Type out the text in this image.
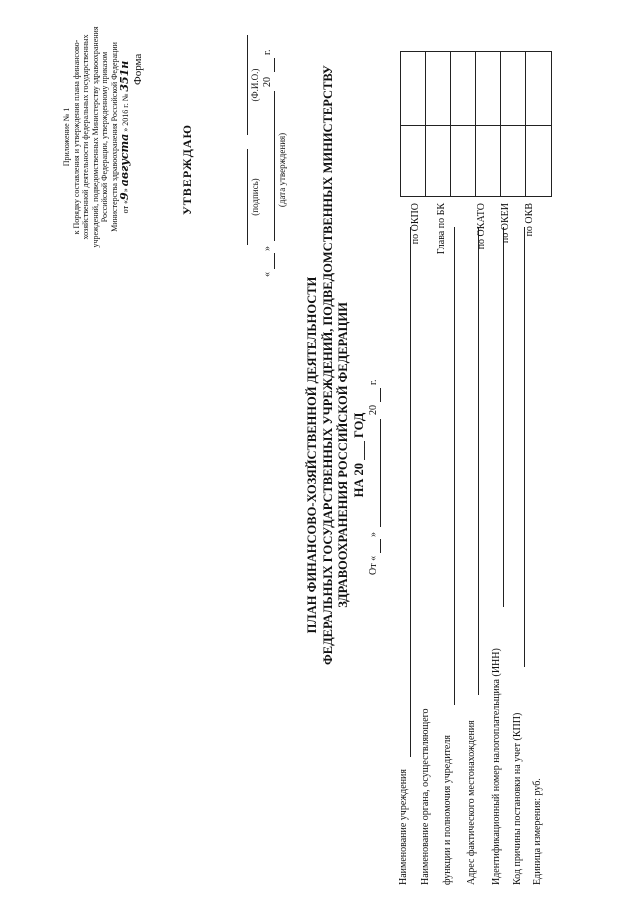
Приложение № 1 к Порядку составления и утверждения плана финансово- хозяйственной деятельности федеральных государственных учреждений, подведомственных Министерству здравоохранения Российской Федерации, утвержденному приказом Министерства здравоохранения Российской Федерации от «9» августа » 2016 г. № 351н Форма
УТВЕРЖДАЮ	(подпись)
(Ф.И.О.)
«
»
20
г.
(дата утверждения)
ПЛАН ФИНАНСОВО-ХОЗЯЙСТВЕННОЙ ДЕЯТЕЛЬНОСТИ ФЕДЕРАЛЬНЫХ ГОСУДАРСТВЕННЫХ УЧРЕЖДЕНИЙ, ПОДВЕДОМСТВЕННЫХ МИНИСТЕРСТВУ ЗДРАВООХРАНЕНИЯ РОССИЙСКОЙ ФЕДЕРАЦИИ НА 20 ___ ГОД
От «
»
20
г.
Наименование учреждения Наименование органа, осуществляющего функции и полномочия учредителя Адрес фактического местонахождения Идентификационный номер налогоплательщика (ИНН) Код причины постановки на учет (КПП) Единица измерения: руб.
по ОКПО Глава по БК	по ОКАТО по ОКЕИ по ОКВ
